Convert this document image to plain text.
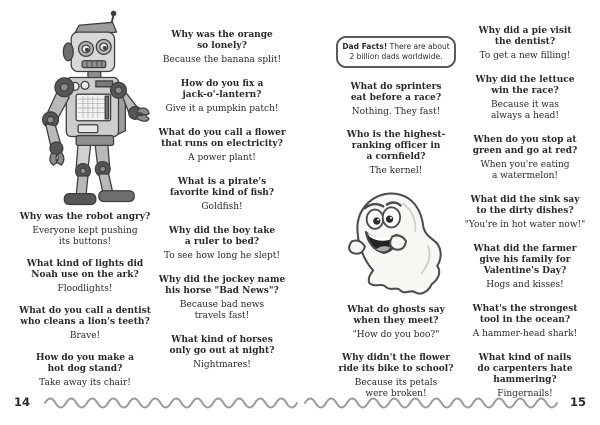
Why was the robot angry?
Everyone kept pushing
its buttons!
What kind of lights did
Noah use on the ark?
Floodlights!
What do you call a dentist
who cleans a lion's teeth?
Brave!
How do you make a
hot dog stand?
Take away its chair!
Why was the orange
so lonely?
Because the banana split!
How do you fix a
jack-o'-lantern?
Give it a pumpkin patch!
What do you call a flower
that runs on electricity?
A power plant!
What is a pirate's
favorite kind of fish?
Goldfish!
Why did the boy take
a ruler to bed?
To see how long he slept!
Why did the jockey name
his horse "Bad News"?
Because bad news
travels fast!
What kind of horses
only go out at night?
Nightmares!
14
Dad Facts! There are about 2 billion dads worldwide.
What do sprinters
eat before a race?
Nothing. They fast!
Who is the highest-
ranking officer in
a cornfield?
The kernel!
What do ghosts say
when they meet?
"How do you boo?"
Why didn't the flower
ride its bike to school?
Because its petals
were broken!
Why did a pie visit
the dentist?
To get a new filling!
Why did the lettuce
win the race?
Because it was
always a head!
When do you stop at
green and go at red?
When you're eating
a watermelon!
What did the sink say
to the dirty dishes?
"You're in hot water now!"
What did the farmer
give his family for
Valentine's Day?
Hogs and kisses!
What's the strongest
tool in the ocean?
A hammer-head shark!
What kind of nails
do carpenters hate
hammering?
Fingernails!
15
